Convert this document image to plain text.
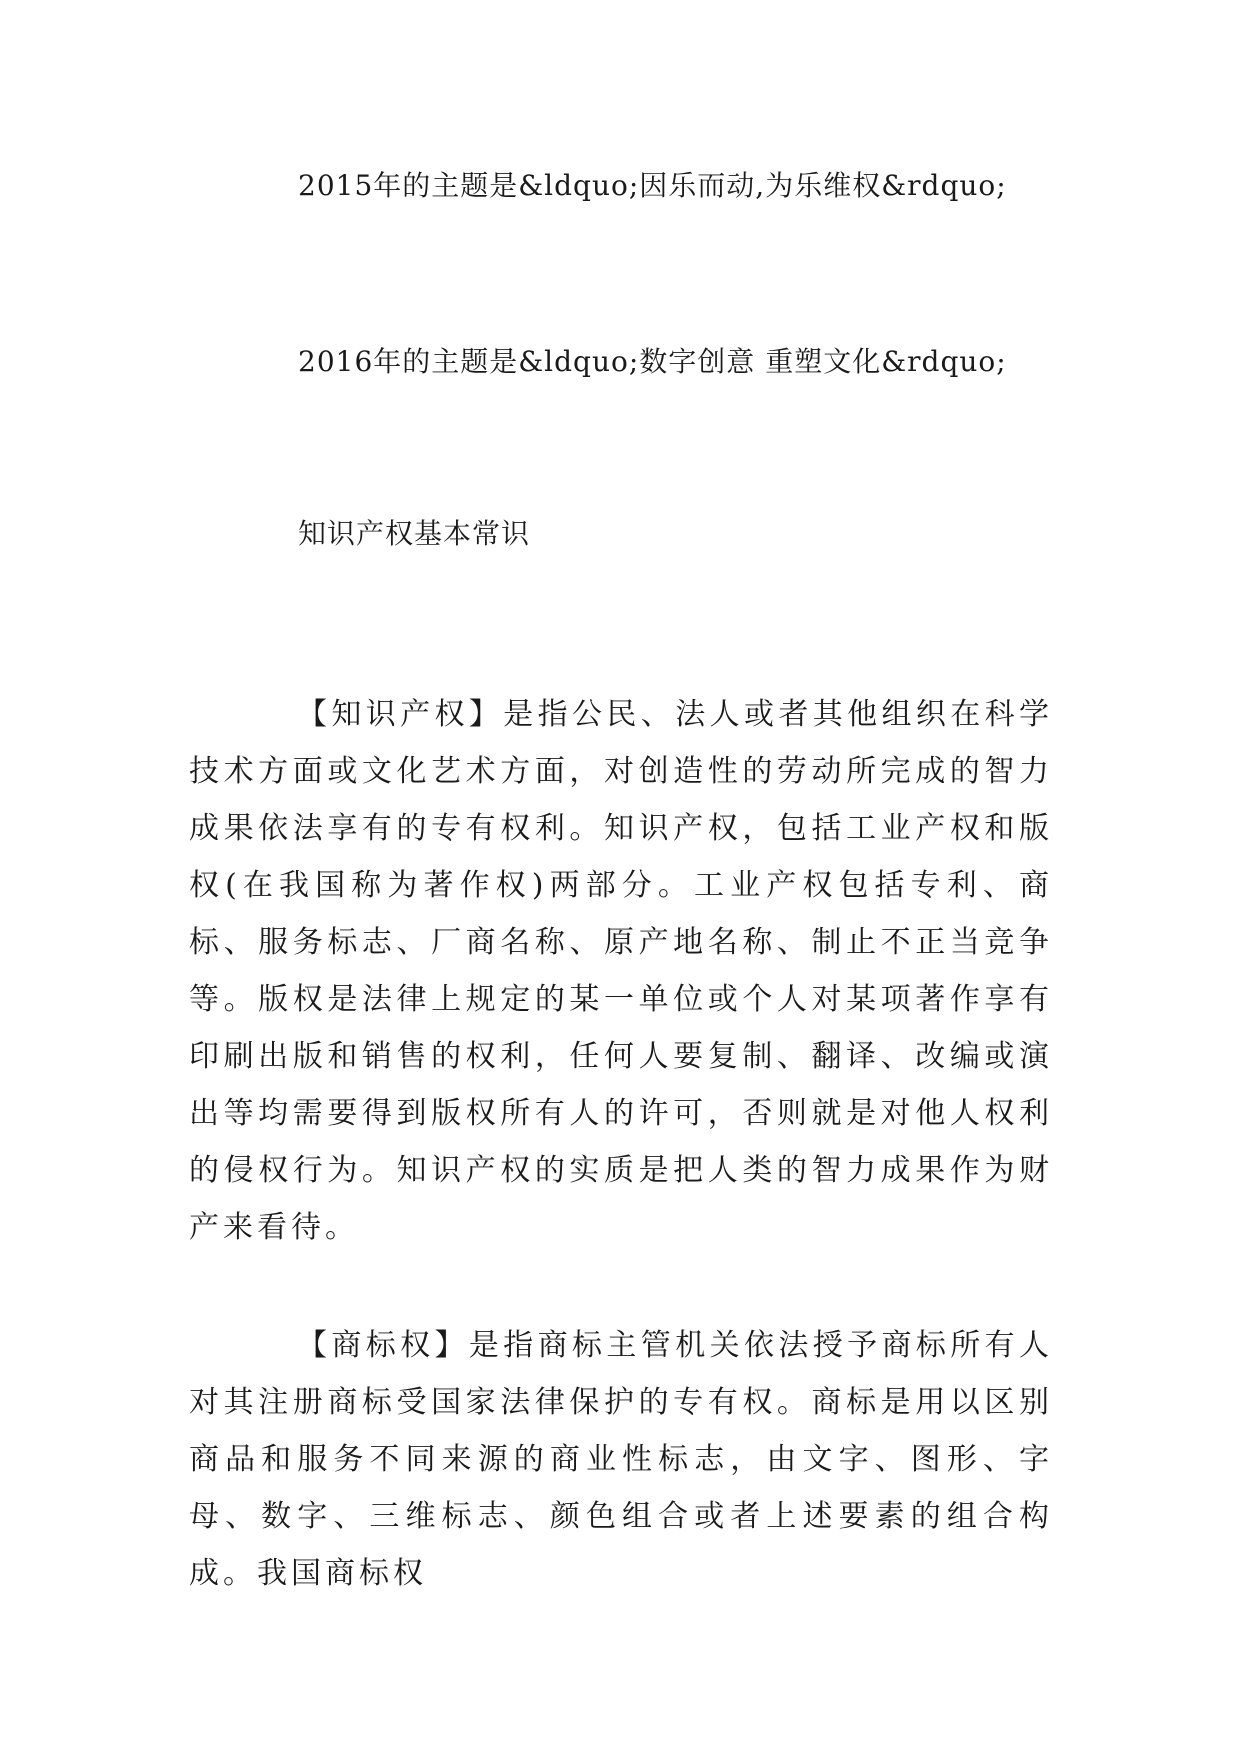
2015年的主题是&ldquo;因乐而动,为乐维权&rdquo;
2016年的主题是&ldquo;数字创意 重塑文化&rdquo;
知识产权基本常识

【知识产权】是指公民、法人或者其他组织在科学技术方面或文化艺术方面，对创造性的劳动所完成的智力成果依法享有的专有权利。知识产权，包括工业产权和版权(在我国称为著作权)两部分。工业产权包括专利、商标、服务标志、厂商名称、原产地名称、制止不正当竞争等。版权是法律上规定的某一单位或个人对某项著作享有印刷出版和销售的权利，任何人要复制、翻译、改编或演出等均需要得到版权所有人的许可，否则就是对他人权利的侵权行为。知识产权的实质是把人类的智力成果作为财产来看待。

【商标权】是指商标主管机关依法授予商标所有人对其注册商标受国家法律保护的专有权。商标是用以区别商品和服务不同来源的商业性标志，由文字、图形、字母、数字、三维标志、颜色组合或者上述要素的组合构成。我国商标权
